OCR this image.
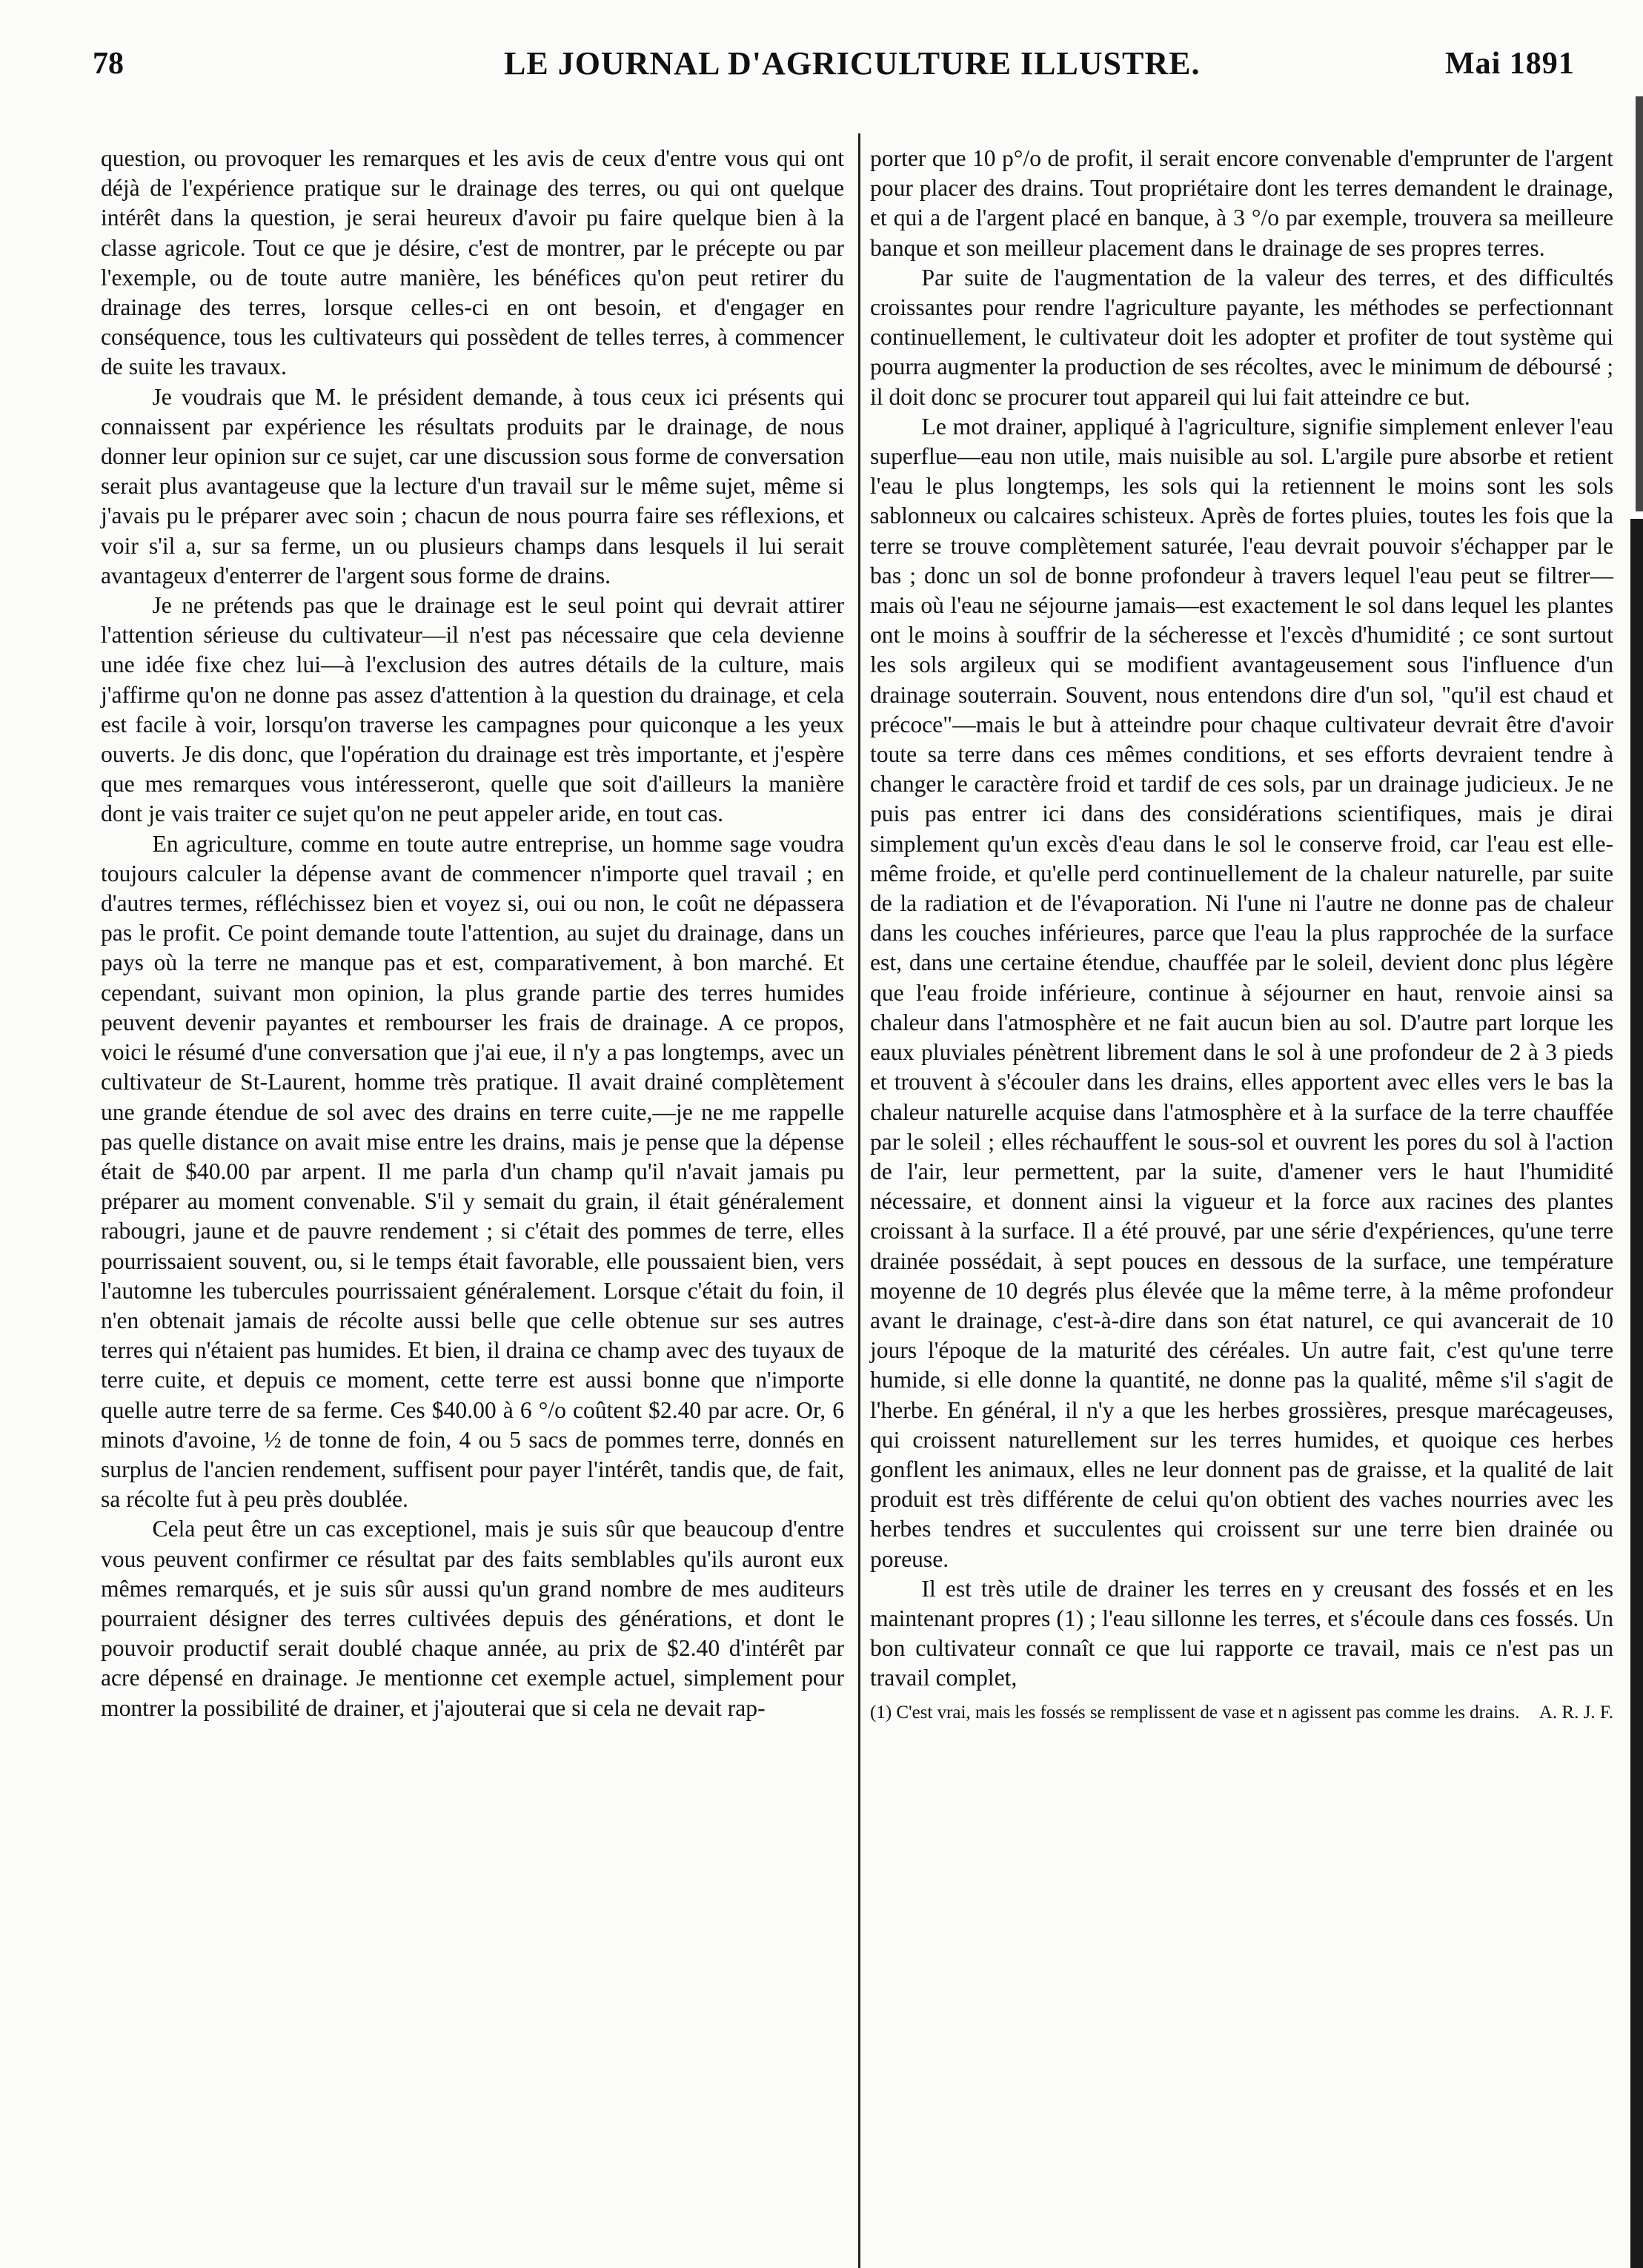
78	LE JOURNAL D'AGRICULTURE ILLUSTRE.	Mai 1891

question, ou provoquer les remarques et les avis de ceux d'entre vous qui ont déjà de l'expérience pratique sur le drainage des terres, ou qui ont quelque intérêt dans la question, je serai heureux d'avoir pu faire quelque bien à la classe agricole. Tout ce que je désire, c'est de montrer, par le précepte ou par l'exemple, ou de toute autre manière, les bénéfices qu'on peut retirer du drainage des terres, lorsque celles-ci en ont besoin, et d'engager en conséquence, tous les cultivateurs qui possèdent de telles terres, à commencer de suite les travaux.

Je voudrais que M. le président demande, à tous ceux ici présents qui connaissent par expérience les résultats produits par le drainage, de nous donner leur opinion sur ce sujet, car une discussion sous forme de conversation serait plus avantageuse que la lecture d'un travail sur le même sujet, même si j'avais pu le préparer avec soin ; chacun de nous pourra faire ses réflexions, et voir s'il a, sur sa ferme, un ou plusieurs champs dans lesquels il lui serait avantageux d'enterrer de l'argent sous forme de drains.

Je ne prétends pas que le drainage est le seul point qui devrait attirer l'attention sérieuse du cultivateur—il n'est pas nécessaire que cela devienne une idée fixe chez lui—à l'exclusion des autres détails de la culture, mais j'affirme qu'on ne donne pas assez d'attention à la question du drainage, et cela est facile à voir, lorsqu'on traverse les campagnes pour quiconque a les yeux ouverts. Je dis donc, que l'opération du drainage est très importante, et j'espère que mes remarques vous intéresseront, quelle que soit d'ailleurs la manière dont je vais traiter ce sujet qu'on ne peut appeler aride, en tout cas.

En agriculture, comme en toute autre entreprise, un homme sage voudra toujours calculer la dépense avant de commencer n'importe quel travail ; en d'autres termes, réfléchissez bien et voyez si, oui ou non, le coût ne dépassera pas le profit. Ce point demande toute l'attention, au sujet du drainage, dans un pays où la terre ne manque pas et est, comparativement, à bon marché. Et cependant, suivant mon opinion, la plus grande partie des terres humides peuvent devenir payantes et rembourser les frais de drainage. A ce propos, voici le résumé d'une conversation que j'ai eue, il n'y a pas longtemps, avec un cultivateur de St-Laurent, homme très pratique. Il avait drainé complètement une grande étendue de sol avec des drains en terre cuite,—je ne me rappelle pas quelle distance on avait mise entre les drains, mais je pense que la dépense était de $40.00 par arpent. Il me parla d'un champ qu'il n'avait jamais pu préparer au moment convenable. S'il y semait du grain, il était généralement rabougri, jaune et de pauvre rendement ; si c'était des pommes de terre, elles pourrissaient souvent, ou, si le temps était favorable, elle poussaient bien, vers l'automne les tubercules pourrissaient généralement. Lorsque c'était du foin, il n'en obtenait jamais de récolte aussi belle que celle obtenue sur ses autres terres qui n'étaient pas humides. Et bien, il draina ce champ avec des tuyaux de terre cuite, et depuis ce moment, cette terre est aussi bonne que n'importe quelle autre terre de sa ferme. Ces $40.00 à 6 °/o coûtent $2.40 par acre. Or, 6 minots d'avoine, ½ de tonne de foin, 4 ou 5 sacs de pommes terre, donnés en surplus de l'ancien rendement, suffisent pour payer l'intérêt, tandis que, de fait, sa récolte fut à peu près doublée.

Cela peut être un cas exceptionel, mais je suis sûr que beaucoup d'entre vous peuvent confirmer ce résultat par des faits semblables qu'ils auront eux mêmes remarqués, et je suis sûr aussi qu'un grand nombre de mes auditeurs pourraient désigner des terres cultivées depuis des générations, et dont le pouvoir productif serait doublé chaque année, au prix de $2.40 d'intérêt par acre dépensé en drainage. Je mentionne cet exemple actuel, simplement pour montrer la possibilité de drainer, et j'ajouterai que si cela ne devait rap-

porter que 10 p°/o de profit, il serait encore convenable d'emprunter de l'argent pour placer des drains. Tout propriétaire dont les terres demandent le drainage, et qui a de l'argent placé en banque, à 3 °/o par exemple, trouvera sa meilleure banque et son meilleur placement dans le drainage de ses propres terres.

Par suite de l'augmentation de la valeur des terres, et des difficultés croissantes pour rendre l'agriculture payante, les méthodes se perfectionnant continuellement, le cultivateur doit les adopter et profiter de tout système qui pourra augmenter la production de ses récoltes, avec le minimum de déboursé ; il doit donc se procurer tout appareil qui lui fait atteindre ce but.

Le mot drainer, appliqué à l'agriculture, signifie simplement enlever l'eau superflue—eau non utile, mais nuisible au sol. L'argile pure absorbe et retient l'eau le plus longtemps, les sols qui la retiennent le moins sont les sols sablonneux ou calcaires schisteux. Après de fortes pluies, toutes les fois que la terre se trouve complètement saturée, l'eau devrait pouvoir s'échapper par le bas ; donc un sol de bonne profondeur à travers lequel l'eau peut se filtrer—mais où l'eau ne séjourne jamais—est exactement le sol dans lequel les plantes ont le moins à souffrir de la sécheresse et l'excès d'humidité ; ce sont surtout les sols argileux qui se modifient avantageusement sous l'influence d'un drainage souterrain. Souvent, nous entendons dire d'un sol, "qu'il est chaud et précoce"—mais le but à atteindre pour chaque cultivateur devrait être d'avoir toute sa terre dans ces mêmes conditions, et ses efforts devraient tendre à changer le caractère froid et tardif de ces sols, par un drainage judicieux. Je ne puis pas entrer ici dans des considérations scientifiques, mais je dirai simplement qu'un excès d'eau dans le sol le conserve froid, car l'eau est elle-même froide, et qu'elle perd continuellement de la chaleur naturelle, par suite de la radiation et de l'évaporation. Ni l'une ni l'autre ne donne pas de chaleur dans les couches inférieures, parce que l'eau la plus rapprochée de la surface est, dans une certaine étendue, chauffée par le soleil, devient donc plus légère que l'eau froide inférieure, continue à séjourner en haut, renvoie ainsi sa chaleur dans l'atmosphère et ne fait aucun bien au sol. D'autre part lorque les eaux pluviales pénètrent librement dans le sol à une profondeur de 2 à 3 pieds et trouvent à s'écouler dans les drains, elles apportent avec elles vers le bas la chaleur naturelle acquise dans l'atmosphère et à la surface de la terre chauffée par le soleil ; elles réchauffent le sous-sol et ouvrent les pores du sol à l'action de l'air, leur permettent, par la suite, d'amener vers le haut l'humidité nécessaire, et donnent ainsi la vigueur et la force aux racines des plantes croissant à la surface. Il a été prouvé, par une série d'expériences, qu'une terre drainée possédait, à sept pouces en dessous de la surface, une température moyenne de 10 degrés plus élevée que la même terre, à la même profondeur avant le drainage, c'est-à-dire dans son état naturel, ce qui avancerait de 10 jours l'époque de la maturité des céréales. Un autre fait, c'est qu'une terre humide, si elle donne la quantité, ne donne pas la qualité, même s'il s'agit de l'herbe. En général, il n'y a que les herbes grossières, presque marécageuses, qui croissent naturellement sur les terres humides, et quoique ces herbes gonflent les animaux, elles ne leur donnent pas de graisse, et la qualité de lait produit est très différente de celui qu'on obtient des vaches nourries avec les herbes tendres et succulentes qui croissent sur une terre bien drainée ou poreuse.

Il est très utile de drainer les terres en y creusant des fossés et en les maintenant propres (1) ; l'eau sillonne les terres, et s'écoule dans ces fossés. Un bon cultivateur connaît ce que lui rapporte ce travail, mais ce n'est pas un travail complet,

(1) C'est vrai, mais les fossés se remplissent de vase et n agissent pas comme les drains. A. R. J. F.
